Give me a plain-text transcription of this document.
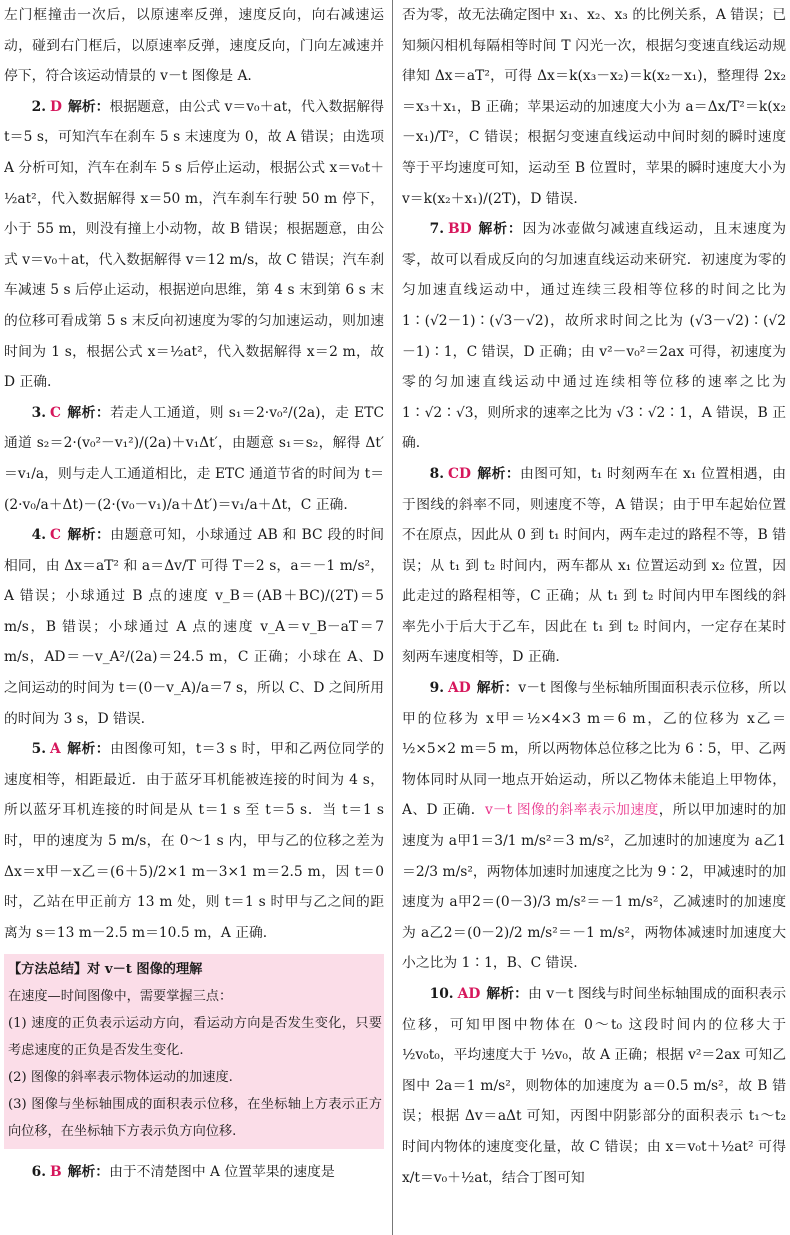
左门框撞击一次后，以原速率反弹，速度反向，向右减速运动，碰到右门框后，以原速率反弹，速度反向，门向左减速并停下，符合该运动情景的 v－t 图像是 A.

2. D 解析：根据题意，由公式 v＝v₀＋at，代入数据解得 t＝5 s，可知汽车在刹车 5 s 末速度为 0，故 A 错误；由选项 A 分析可知，汽车在刹车 5 s 后停止运动，根据公式 x＝v₀t＋½at²，代入数据解得 x＝50 m，汽车刹车行驶 50 m 停下，小于 55 m，则没有撞上小动物，故 B 错误；根据题意，由公式 v＝v₀＋at，代入数据解得 v＝12 m/s，故 C 错误；汽车刹车减速 5 s 后停止运动，根据逆向思维，第 4 s 末到第 6 s 末的位移可看成第 5 s 末反向初速度为零的匀加速运动，则加速时间为 1 s，根据公式 x＝½at²，代入数据解得 x＝2 m，故 D 正确.

3. C 解析：若走人工通道，则 s₁＝2·v₀²/(2a)，走 ETC 通道 s₂＝2·(v₀²－v₁²)/(2a)＋v₁Δt′，由题意 s₁＝s₂，解得 Δt′＝v₁/a，则与走人工通道相比，走 ETC 通道节省的时间为 t＝(2·v₀/a＋Δt)－(2·(v₀－v₁)/a＋Δt′)＝v₁/a＋Δt，C 正确.

4. C 解析：由题意可知，小球通过 AB 和 BC 段的时间相同，由 Δx＝aT² 和 a＝Δv/T 可得 T＝2 s，a＝－1 m/s²，A 错误；小球通过 B 点的速度 v_B＝(AB＋BC)/(2T)＝5 m/s，B 错误；小球通过 A 点的速度 v_A＝v_B－aT＝7 m/s，AD＝－v_A²/(2a)＝24.5 m，C 正确；小球在 A、D 之间运动的时间为 t＝(0－v_A)/a＝7 s，所以 C、D 之间所用的时间为 3 s，D 错误.

5. A 解析：由图像可知，t＝3 s 时，甲和乙两位同学的速度相等，相距最近．由于蓝牙耳机能被连接的时间为 4 s，所以蓝牙耳机连接的时间是从 t＝1 s 至 t＝5 s．当 t＝1 s 时，甲的速度为 5 m/s，在 0～1 s 内，甲与乙的位移之差为 Δx＝x甲－x乙＝(6＋5)/2×1 m－3×1 m＝2.5 m，因 t＝0 时，乙站在甲正前方 13 m 处，则 t＝1 s 时甲与乙之间的距离为 s＝13 m－2.5 m＝10.5 m，A 正确.

【方法总结】对 v－t 图像的理解

在速度—时间图像中，需要掌握三点：

(1) 速度的正负表示运动方向，看运动方向是否发生变化，只要考虑速度的正负是否发生变化.

(2) 图像的斜率表示物体运动的加速度.

(3) 图像与坐标轴围成的面积表示位移，在坐标轴上方表示正方向位移，在坐标轴下方表示负方向位移.

6. B 解析：由于不清楚图中 A 位置苹果的速度是

否为零，故无法确定图中 x₁、x₂、x₃ 的比例关系，A 错误；已知频闪相机每隔相等时间 T 闪光一次，根据匀变速直线运动规律知 Δx＝aT²，可得 Δx＝k(x₃－x₂)＝k(x₂－x₁)，整理得 2x₂＝x₃＋x₁，B 正确；苹果运动的加速度大小为 a＝Δx/T²＝k(x₂－x₁)/T²，C 错误；根据匀变速直线运动中间时刻的瞬时速度等于平均速度可知，运动至 B 位置时，苹果的瞬时速度大小为 v＝k(x₂＋x₁)/(2T)，D 错误.

7. BD 解析：因为冰壶做匀减速直线运动，且末速度为零，故可以看成反向的匀加速直线运动来研究．初速度为零的匀加速直线运动中，通过连续三段相等位移的时间之比为 1∶(√2－1)∶(√3－√2)，故所求时间之比为 (√3－√2)∶(√2－1)∶1，C 错误，D 正确；由 v²－v₀²＝2ax 可得，初速度为零的匀加速直线运动中通过连续相等位移的速率之比为 1∶√2∶√3，则所求的速率之比为 √3∶√2∶1，A 错误，B 正确.

8. CD 解析：由图可知，t₁ 时刻两车在 x₁ 位置相遇，由于图线的斜率不同，则速度不等，A 错误；由于甲车起始位置不在原点，因此从 0 到 t₁ 时间内，两车走过的路程不等，B 错误；从 t₁ 到 t₂ 时间内，两车都从 x₁ 位置运动到 x₂ 位置，因此走过的路程相等，C 正确；从 t₁ 到 t₂ 时间内甲车图线的斜率先小于后大于乙车，因此在 t₁ 到 t₂ 时间内，一定存在某时刻两车速度相等，D 正确.

9. AD 解析：v－t 图像与坐标轴所围面积表示位移，所以甲的位移为 x甲＝½×4×3 m＝6 m，乙的位移为 x乙＝½×5×2 m＝5 m，所以两物体总位移之比为 6∶5，甲、乙两物体同时从同一地点开始运动，所以乙物体未能追上甲物体，A、D 正确．v－t 图像的斜率表示加速度，所以甲加速时的加速度为 a甲1＝3/1 m/s²＝3 m/s²，乙加速时的加速度为 a乙1＝2/3 m/s²，两物体加速时加速度之比为 9∶2，甲减速时的加速度为 a甲2＝(0－3)/3 m/s²＝－1 m/s²，乙减速时的加速度为 a乙2＝(0－2)/2 m/s²＝－1 m/s²，两物体减速时加速度大小之比为 1∶1，B、C 错误.

10. AD 解析：由 v－t 图线与时间坐标轴围成的面积表示位移，可知甲图中物体在 0～t₀ 这段时间内的位移大于 ½v₀t₀，平均速度大于 ½v₀，故 A 正确；根据 v²＝2ax 可知乙图中 2a＝1 m/s²，则物体的加速度为 a＝0.5 m/s²，故 B 错误；根据 Δv＝aΔt 可知，丙图中阴影部分的面积表示 t₁～t₂ 时间内物体的速度变化量，故 C 错误；由 x＝v₀t＋½at² 可得 x/t＝v₀＋½at，结合丁图可知
